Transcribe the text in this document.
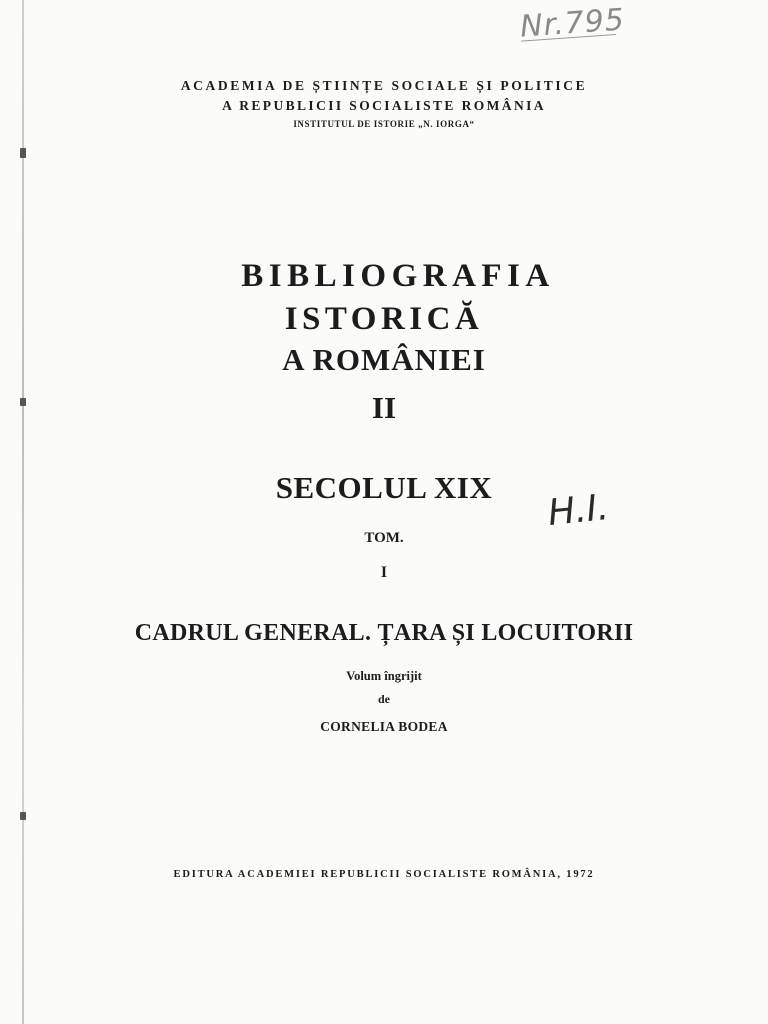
Nr.795
ACADEMIA DE ȘTIINȚE SOCIALE ȘI POLITICE
A REPUBLICII SOCIALISTE ROMÂNIA
INSTITUTUL DE ISTORIE „N. IORGA“
BIBLIOGRAFIA
ISTORICĂ
A ROMÂNIEI
II
SECOLUL XIX	H.I.
TOM.
I
CADRUL GENERAL. ȚARA ȘI LOCUITORII
Volum îngrijit
de
CORNELIA BODEA
EDITURA ACADEMIEI REPUBLICII SOCIALISTE ROMÂNIA, 1972
